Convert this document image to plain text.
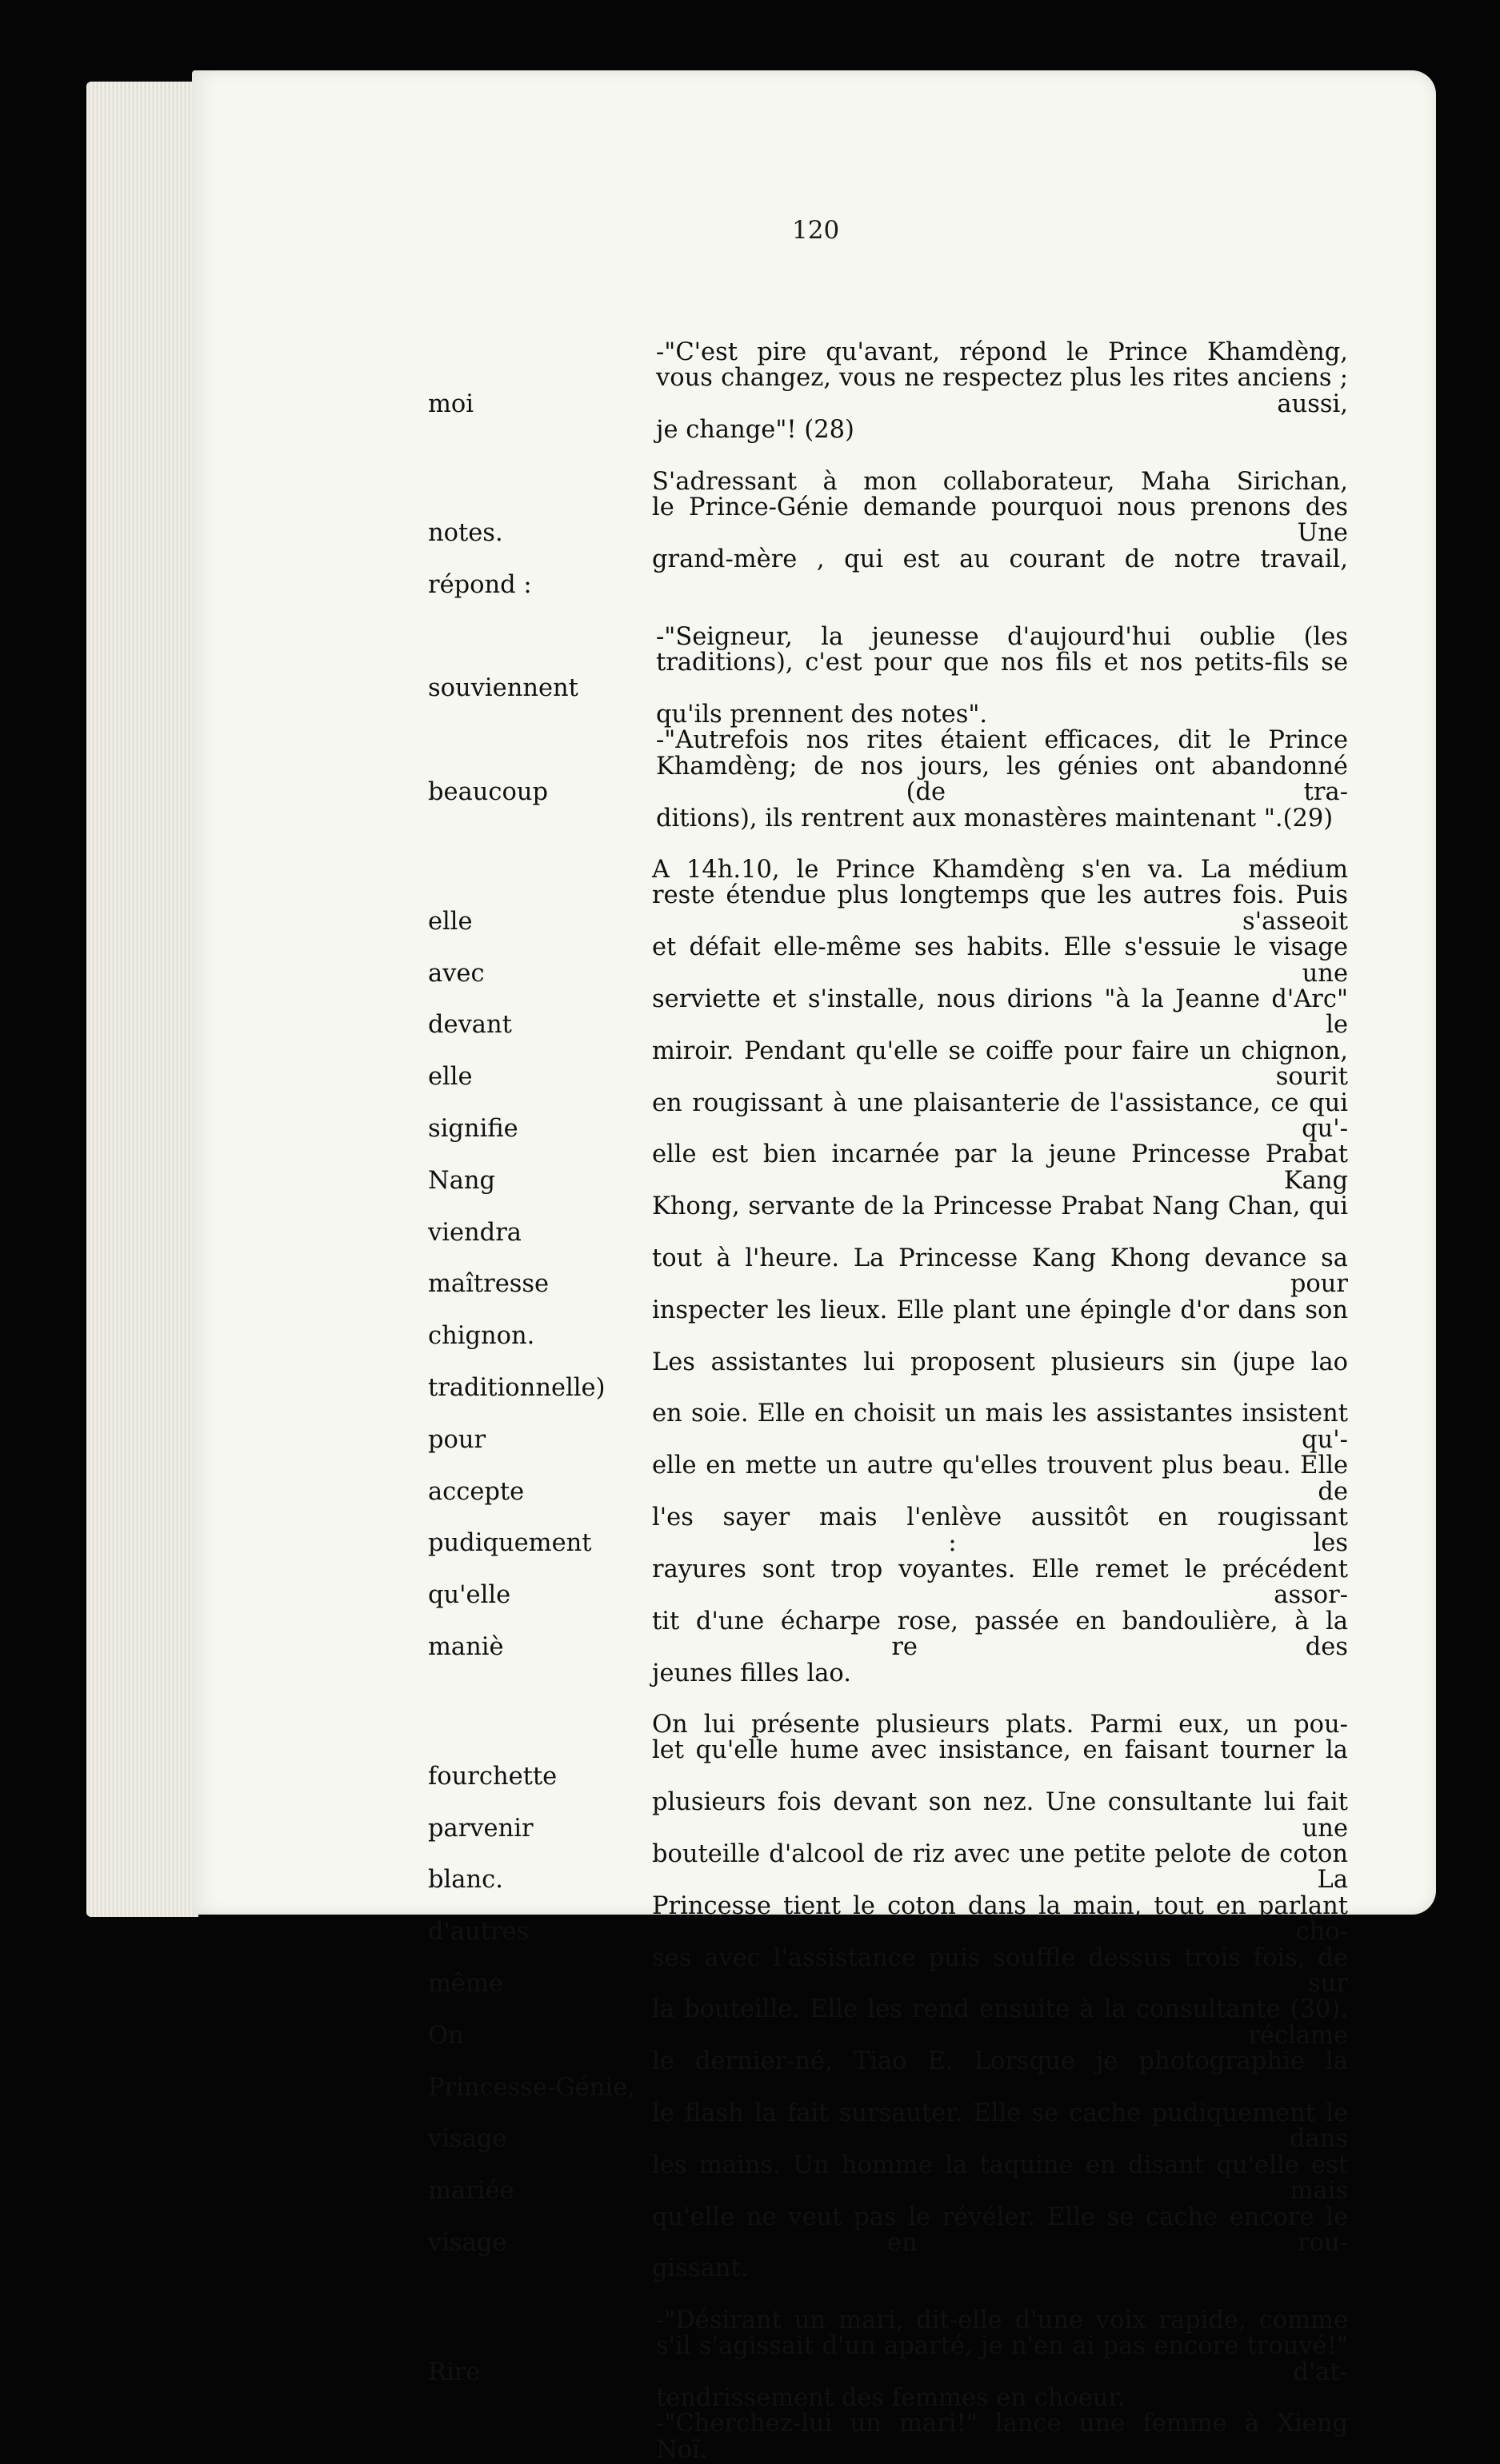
120

-"C'est pire qu'avant, répond le Prince Khamdèng,
vous changez, vous ne respectez plus les rites anciens ; moi aussi,
je change"! (28)
S'adressant à mon collaborateur, Maha Sirichan,
le Prince-Génie demande pourquoi nous prenons des notes. Une
grand-mère , qui est au courant de notre travail, répond :
-"Seigneur, la jeunesse d'aujourd'hui oublie (les
traditions), c'est pour que nos fils et nos petits-fils se souviennent
qu'ils prennent des notes".
-"Autrefois nos rites étaient efficaces, dit le Prince
Khamdèng; de nos jours, les génies ont abandonné beaucoup (de tra-
ditions), ils rentrent aux monastères maintenant ".(29)
A 14h.10, le Prince Khamdèng s'en va. La médium
reste étendue plus longtemps que les autres fois. Puis elle s'asseoit
et défait elle-même ses habits. Elle s'essuie le visage avec une
serviette et s'installe, nous dirions "à la Jeanne d'Arc" devant le
miroir. Pendant qu'elle se coiffe pour faire un chignon, elle sourit
en rougissant à une plaisanterie de l'assistance, ce qui signifie qu'-
elle est bien incarnée par la jeune Princesse Prabat Nang Kang
Khong, servante de la Princesse Prabat Nang Chan, qui viendra
tout à l'heure. La Princesse Kang Khong devance sa maîtresse pour
inspecter les lieux. Elle plant une épingle d'or dans son chignon.
Les assistantes lui proposent plusieurs sin (jupe lao traditionnelle)
en soie. Elle en choisit un mais les assistantes insistent pour qu'-
elle en mette un autre qu'elles trouvent plus beau. Elle accepte de
l'es sayer mais l'enlève aussitôt en rougissant pudiquement : les
rayures sont trop voyantes. Elle remet le précédent qu'elle assor-
tit d'une écharpe rose, passée en bandoulière, à la maniè re des
jeunes filles lao.
On lui présente plusieurs plats. Parmi eux, un pou-
let qu'elle hume avec insistance, en faisant tourner la fourchette
plusieurs fois devant son nez. Une consultante lui fait parvenir une
bouteille d'alcool de riz avec une petite pelote de coton blanc. La
Princesse tient le coton dans la main, tout en parlant d'autres cho-
ses avec l'assistance puis souffle dessus trois fois, de même sur
la bouteille. Elle les rend ensuite à la consultante (30). On réclame
le dernier-né, Tiao E. Lorsque je photographie la Princesse-Génie,
le flash la fait sursauter. Elle se cache pudiquement le visage dans
les mains. Un homme la taquine en disant qu'elle est mariée mais
qu'elle ne veut pas le révéler. Elle se cache encore le visage en rou-
gissant.
-"Désirant un mari, dit-elle d'une voix rapide, comme
s'il s'agissait d'un aparté, je n'en ai pas encore trouvé!" Rire d'at-
tendrissement des femmes en choeur.
-"Cherchez-lui un mari!" lance une femme à Xieng
Noï.
